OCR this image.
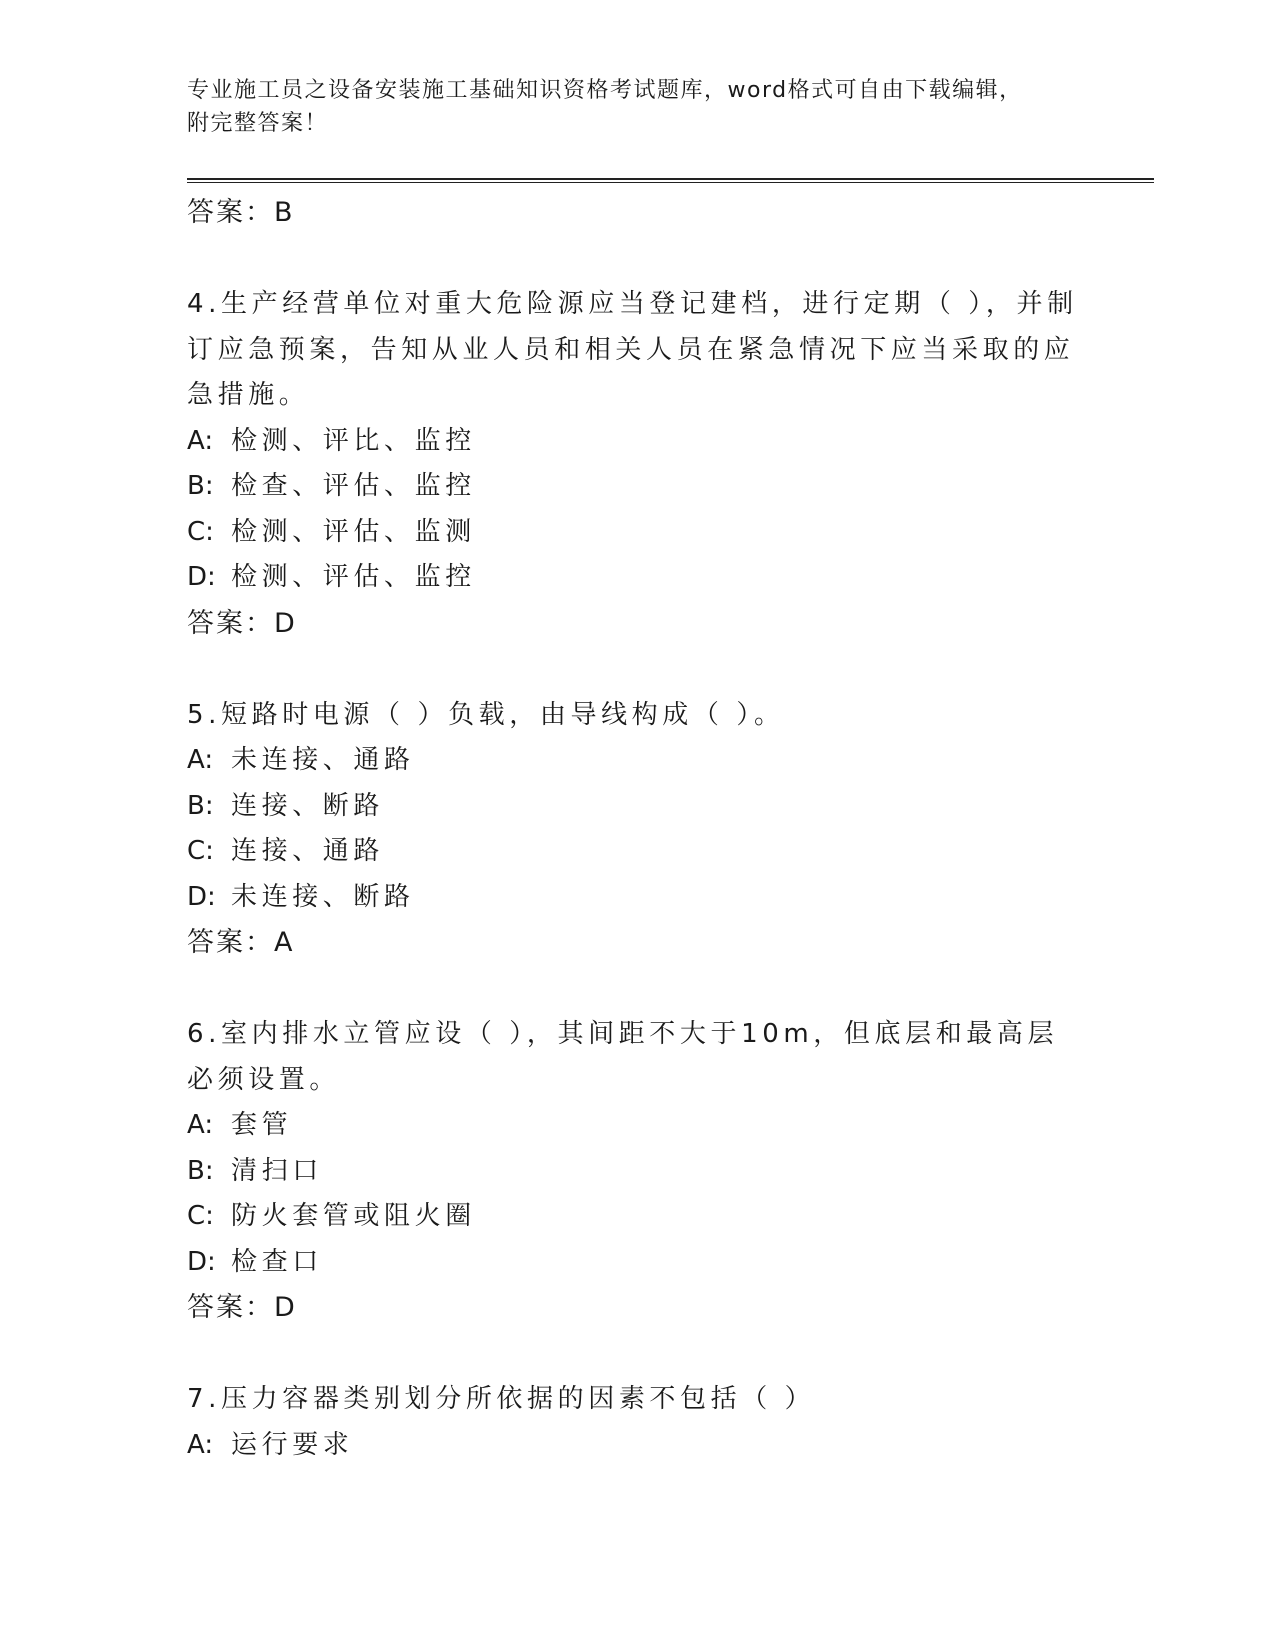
专业施工员之设备安装施工基础知识资格考试题库，word格式可自由下载编辑，
附完整答案！
答案：B
4.生产经营单位对重大危险源应当登记建档，进行定期（ ），并制订应急预案，告知从业人员和相关人员在紧急情况下应当采取的应急措施。
A: 检测、评比、监控
B: 检查、评估、监控
C: 检测、评估、监测
D: 检测、评估、监控
答案：D
5.短路时电源（ ）负载，由导线构成（ ）。
A: 未连接、通路
B: 连接、断路
C: 连接、通路
D: 未连接、断路
答案：A
6.室内排水立管应设（ ），其间距不大于10m，但底层和最高层必须设置。
A: 套管
B: 清扫口
C: 防火套管或阻火圈
D: 检查口
答案：D
7.压力容器类别划分所依据的因素不包括（ ）
A: 运行要求
